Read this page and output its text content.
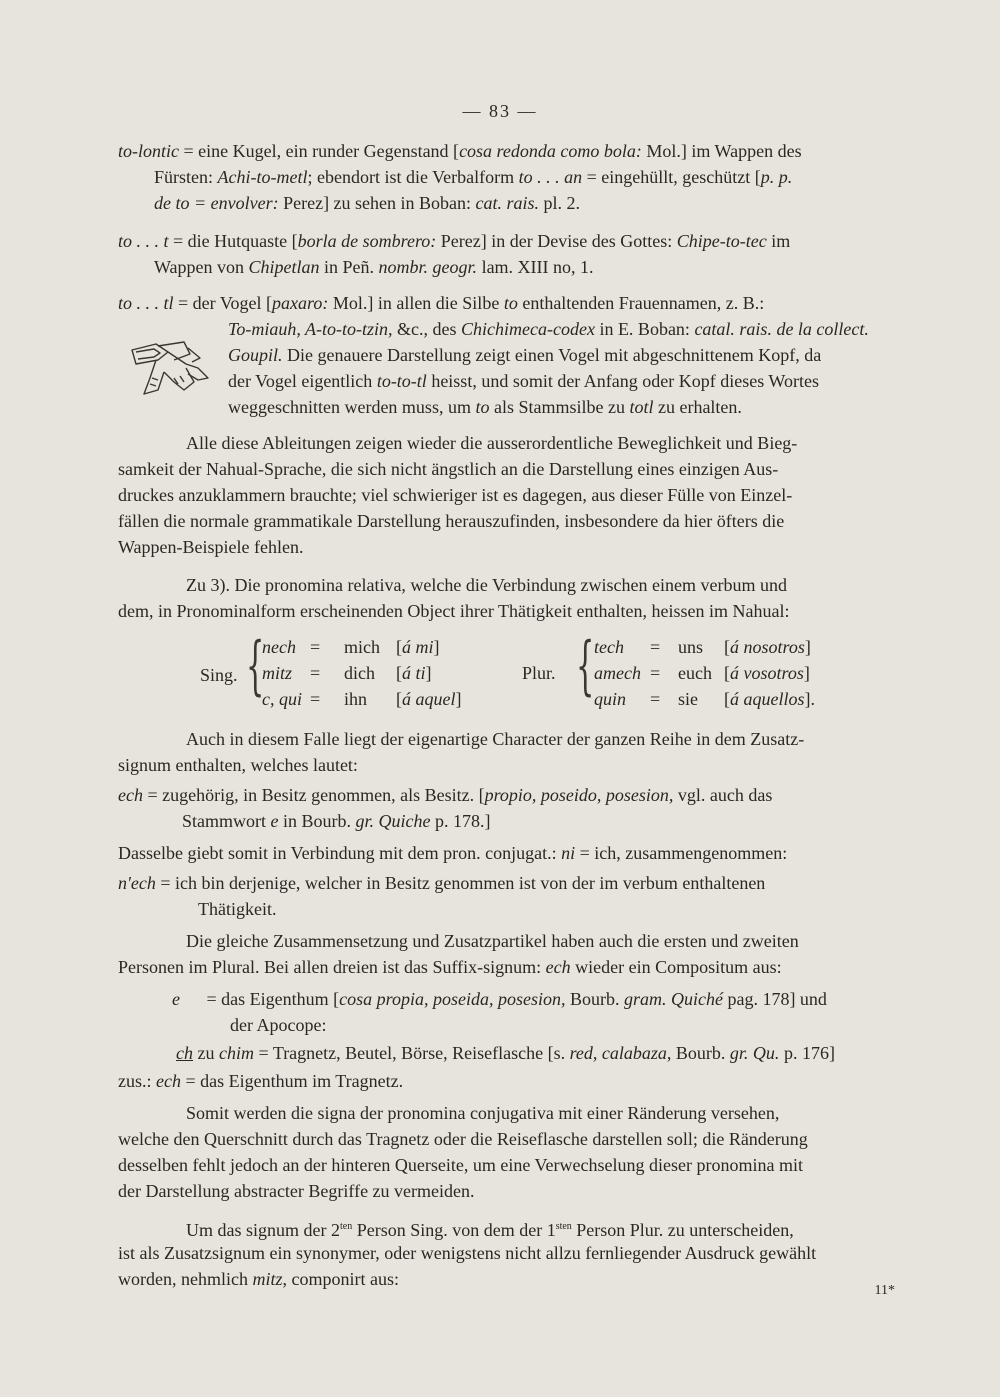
— 83 —
to-lontic = eine Kugel, ein runder Gegenstand [cosa redonda como bola: Mol.] im Wappen des
Fürsten: Achi-to-metl; ebendort ist die Verbalform to . . . an = eingehüllt, geschützt [p. p.
de to = envolver: Perez] zu sehen in Boban: cat. rais. pl. 2.
to . . . t = die Hutquaste [borla de sombrero: Perez] in der Devise des Gottes: Chipe-to-tec im
Wappen von Chipetlan in Peñ. nombr. geogr. lam. XIII no, 1.
to . . . tl = der Vogel [paxaro: Mol.] in allen die Silbe to enthaltenden Frauennamen, z. B.:
To-miauh, A-to-to-tzin, &c., des Chichimeca-codex in E. Boban: catal. rais. de la collect.
Goupil. Die genauere Darstellung zeigt einen Vogel mit abgeschnittenem Kopf, da
der Vogel eigentlich to-to-tl heisst, und somit der Anfang oder Kopf dieses Wortes
weggeschnitten werden muss, um to als Stammsilbe zu totl zu erhalten.
Alle diese Ableitungen zeigen wieder die ausserordentliche Beweglichkeit und Bieg-
samkeit der Nahual-Sprache, die sich nicht ängstlich an die Darstellung eines einzigen Aus-
druckes anzuklammern brauchte; viel schwieriger ist es dagegen, aus dieser Fülle von Einzel-
fällen die normale grammatikale Darstellung herauszufinden, insbesondere da hier öfters die
Wappen-Beispiele fehlen.
Zu 3). Die pronomina relativa, welche die Verbindung zwischen einem verbum und
dem, in Pronominalform erscheinenden Object ihrer Thätigkeit enthalten, heissen im Nahual:
Sing. {
nech = mich [á mi]
mitz = dich [á ti]
c, qui = ihn [á aquel]
Plur. { tech = uns [á nosotros]
amech = euch [á vosotros]
quin = sie [á aquellos].
Auch in diesem Falle liegt der eigenartige Character der ganzen Reihe in dem Zusatz-
signum enthalten, welches lautet:
ech = zugehörig, in Besitz genommen, als Besitz. [propio, poseido, posesion, vgl. auch das
Stammwort e in Bourb. gr. Quiche p. 178.]
Dasselbe giebt somit in Verbindung mit dem pron. conjugat.: ni = ich, zusammengenommen:
n'ech = ich bin derjenige, welcher in Besitz genommen ist von der im verbum enthaltenen
Thätigkeit.
Die gleiche Zusammensetzung und Zusatzpartikel haben auch die ersten und zweiten
Personen im Plural. Bei allen dreien ist das Suffix-signum: ech wieder ein Compositum aus:
e = das Eigenthum [cosa propia, poseida, posesion, Bourb. gram. Quiché pag. 178] und
der Apocope:
ch zu chim = Tragnetz, Beutel, Börse, Reiseflasche [s. red, calabaza, Bourb. gr. Qu. p. 176]
zus.: ech = das Eigenthum im Tragnetz.
Somit werden die signa der pronomina conjugativa mit einer Ränderung versehen,
welche den Querschnitt durch das Tragnetz oder die Reiseflasche darstellen soll; die Ränderung
desselben fehlt jedoch an der hinteren Querseite, um eine Verwechselung dieser pronomina mit
der Darstellung abstracter Begriffe zu vermeiden.
Um das signum der $2^{ten}$ Person Sing. von dem der $1^{sten}$ Person Plur. zu unterscheiden,
ist als Zusatzsignum ein synonymer, oder wenigstens nicht allzu fernliegender Ausdruck gewählt
worden, nehmlich mitz, componirt aus:
11*
